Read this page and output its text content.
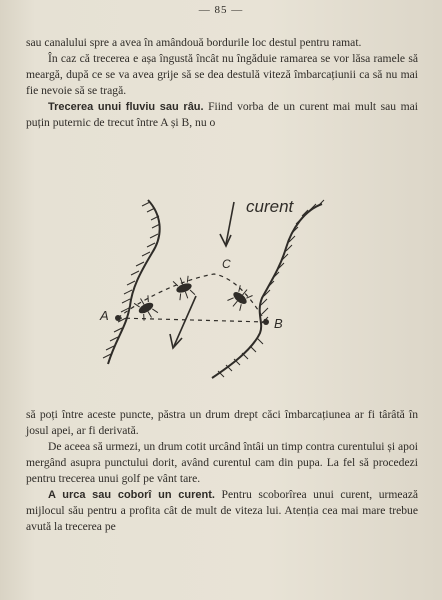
— 85 —

sau canalului spre a avea în amândouă bordurile loc destul pentru ramat.

În caz că trecerea e așa îngustă încât nu îngăduie ramarea se vor lăsa ramele să meargă, după ce se va avea grije să se dea destulă viteză îmbarcațiunii ca să nu mai fie nevoie să se tragă.

Trecerea unui fluviu sau râu. Fiind vorba de un curent mai mult sau mai puțin puternic de trecut între A și B, nu o

curent
A
B
C

să poți între aceste puncte, păstra un drum drept căci îmbarcațiunea ar fi târâtă în josul apei, ar fi derivată.

De aceea să urmezi, un drum cotit urcând întâi un timp contra curentului și apoi mergând asupra punctului dorit, având curentul cam din pupa. La fel să procedezi pentru trecerea unui golf pe vânt tare.

A urca sau coborî un curent. Pentru scoborîrea unui curent, urmează mijlocul său pentru a profita cât de mult de viteza lui. Atenția cea mai mare trebue avută la trecerea pe
